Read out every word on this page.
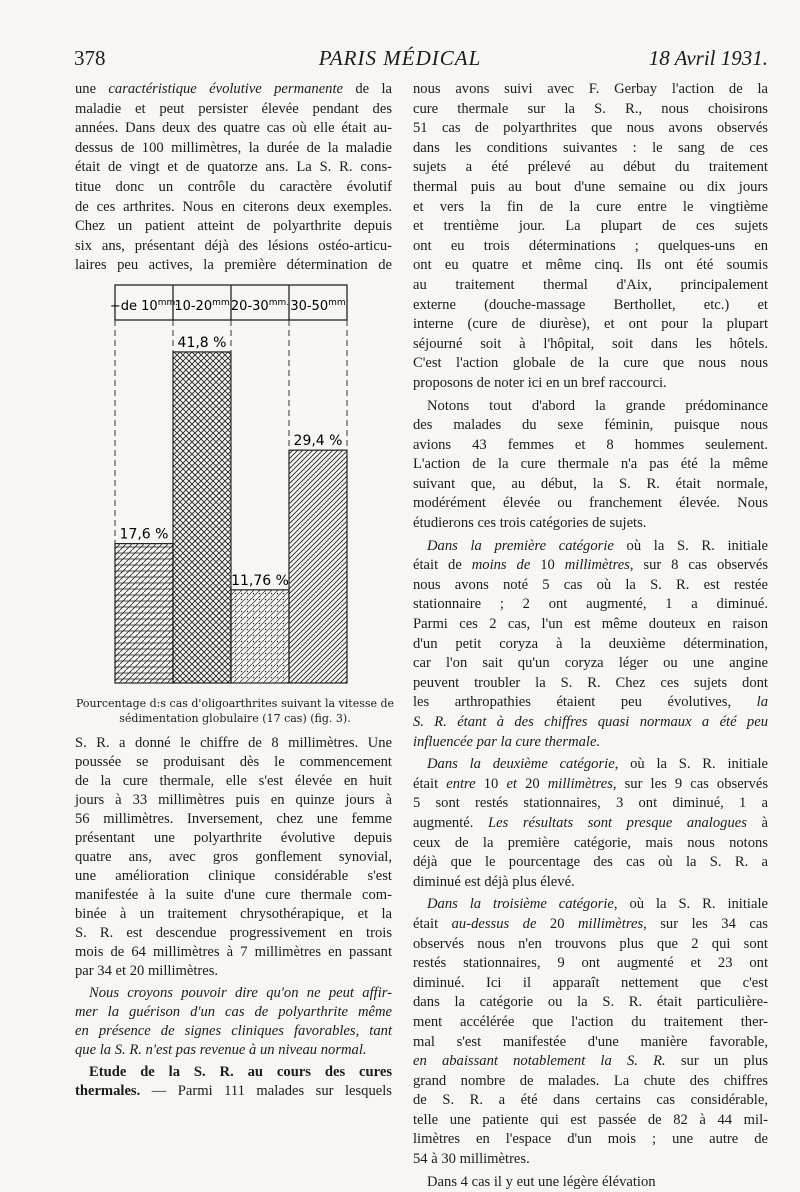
PARIS MÉDICAL
378	18 Avril 1931.
une caractéristique évolutive permanente de la
maladie et peut persister élevée pendant des
années. Dans deux des quatre cas où elle était au-
dessus de 100 millimètres, la durée de la maladie
était de vingt et de quatorze ans. La S. R. cons-
titue donc un contrôle du caractère évolutif
de ces arthrites. Nous en citerons deux exemples.
Chez un patient atteint de polyarthrite depuis
six ans, présentant déjà des lésions ostéo-articu-
laires peu actives, la première détermination de
−de $10^{mm.}$
17,6 %
$10-20^{mm}$
41,8 %
$20-30^{mm.}$
11,76 %
$30-50^{mm}$
29,4 %
Pourcentage d:s cas d'oligoarthrites suivant la vitesse de
sédimentation globulaire (17 cas) (fig. 3).
S. R. a donné le chiffre de 8 millimètres. Une
poussée se produisant dès le commencement
de la cure thermale, elle s'est élevée en huit
jours à 33 millimètres puis en quinze jours à
56 millimètres. Inversement, chez une femme
présentant une polyarthrite évolutive depuis
quatre ans, avec gros gonflement synovial,
une amélioration clinique considérable s'est
manifestée à la suite d'une cure thermale com-
binée à un traitement chrysothérapique, et la
S. R. est descendue progressivement en trois
mois de 64 millimètres à 7 millimètres en passant
par 34 et 20 millimètres.
Nous croyons pouvoir dire qu'on ne peut affir-
mer la guérison d'un cas de polyarthrite même
en présence de signes cliniques favorables, tant
que la S. R. n'est pas revenue à un niveau normal.
Etude de la S. R. au cours des cures
thermales. — Parmi 111 malades sur lesquels
nous avons suivi avec F. Gerbay l'action de la
cure thermale sur la S. R., nous choisirons
51 cas de polyarthrites que nous avons observés
dans les conditions suivantes : le sang de ces
sujets a été prélevé au début du traitement
thermal puis au bout d'une semaine ou dix jours
et vers la fin de la cure entre le vingtième
et trentième jour. La plupart de ces sujets
ont eu trois déterminations ; quelques-uns en
ont eu quatre et même cinq. Ils ont été soumis
au traitement thermal d'Aix, principalement
externe (douche-massage Berthollet, etc.) et
interne (cure de diurèse), et ont pour la plupart
séjourné soit à l'hôpital, soit dans les hôtels.
C'est l'action globale de la cure que nous nous
proposons de noter ici en un bref raccourci.
Notons tout d'abord la grande prédominance
des malades du sexe féminin, puisque nous
avions 43 femmes et 8 hommes seulement.
L'action de la cure thermale n'a pas été la même
suivant que, au début, la S. R. était normale,
modérément élevée ou franchement élevée. Nous
étudierons ces trois catégories de sujets.
Dans la première catégorie où la S. R. initiale
était de moins de 10 millimètres, sur 8 cas observés
nous avons noté 5 cas où la S. R. est restée
stationnaire ; 2 ont augmenté, 1 a diminué.
Parmi ces 2 cas, l'un est même douteux en raison
d'un petit coryza à la deuxième détermination,
car l'on sait qu'un coryza léger ou une angine
peuvent troubler la S. R. Chez ces sujets dont
les arthropathies étaient peu évolutives, la
S. R. étant à des chiffres quasi normaux a été peu
influencée par la cure thermale.
Dans la deuxième catégorie, où la S. R. initiale
était entre 10 et 20 millimètres, sur les 9 cas observés
5 sont restés stationnaires, 3 ont diminué, 1 a
augmenté. Les résultats sont presque analogues à
ceux de la première catégorie, mais nous notons
déjà que le pourcentage des cas où la S. R. a
diminué est déjà plus élevé.
Dans la troisième catégorie, où la S. R. initiale
était au-dessus de 20 millimètres, sur les 34 cas
observés nous n'en trouvons plus que 2 qui sont
restés stationnaires, 9 ont augmenté et 23 ont
diminué. Ici il apparaît nettement que c'est
dans la catégorie ou la S. R. était particulière-
ment accélérée que l'action du traitement ther-
mal s'est manifestée d'une manière favorable,
en abaissant notablement la S. R. sur un plus
grand nombre de malades. La chute des chiffres
de S. R. a été dans certains cas considérable,
telle une patiente qui est passée de 82 à 44 mil-
limètres en l'espace d'un mois ; une autre de
54 à 30 millimètres.
Dans 4 cas il y eut une légère élévation
